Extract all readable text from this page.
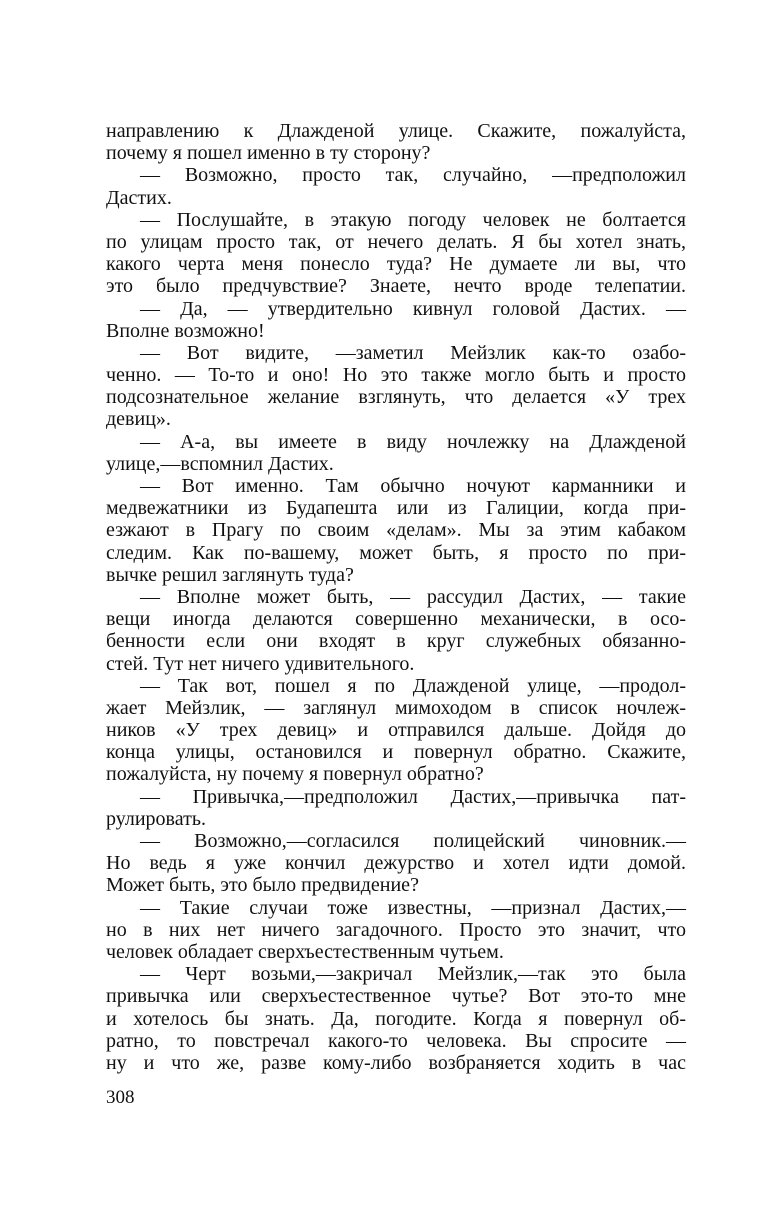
направлению к Длажденой улице. Скажите, пожалуйста,
почему я пошел именно в ту сторону?
— Возможно, просто так, случайно, —предположил
Дастих.
— Послушайте, в этакую погоду человек не болтается
по улицам просто так, от нечего делать. Я бы хотел знать,
какого черта меня понесло туда? Не думаете ли вы, что
это было предчувствие? Знаете, нечто вроде телепатии.
— Да, — утвердительно кивнул головой Дастих. —
Вполне возможно!
— Вот видите, —заметил Мейзлик как-то озабо-
ченно. — То-то и оно! Но это также могло быть и просто
подсознательное желание взглянуть, что делается «У трех
девиц».
— А-а, вы имеете в виду ночлежку на Длажденой
улице,—вспомнил Дастих.
— Вот именно. Там обычно ночуют карманники и
медвежатники из Будапешта или из Галиции, когда при-
езжают в Прагу по своим «делам». Мы за этим кабаком
следим. Как по-вашему, может быть, я просто по при-
вычке решил заглянуть туда?
— Вполне может быть, — рассудил Дастих, — такие
вещи иногда делаются совершенно механически, в осо-
бенности если они входят в круг служебных обязанно-
стей. Тут нет ничего удивительного.
— Так вот, пошел я по Длажденой улице, —продол-
жает Мейзлик, — заглянул мимоходом в список ночлеж-
ников «У трех девиц» и отправился дальше. Дойдя до
конца улицы, остановился и повернул обратно. Скажите,
пожалуйста, ну почему я повернул обратно?
— Привычка,—предположил Дастих,—привычка пат-
рулировать.
— Возможно,—согласился полицейский чиновник.—
Но ведь я уже кончил дежурство и хотел идти домой.
Может быть, это было предвидение?
— Такие случаи тоже известны, —признал Дастих,—
но в них нет ничего загадочного. Просто это значит, что
человек обладает сверхъестественным чутьем.
— Черт возьми,—закричал Мейзлик,—так это была
привычка или сверхъестественное чутье? Вот это-то мне
и хотелось бы знать. Да, погодите. Когда я повернул об-
ратно, то повстречал какого-то человека. Вы спросите —
ну и что же, разве кому-либо возбраняется ходить в час
308
